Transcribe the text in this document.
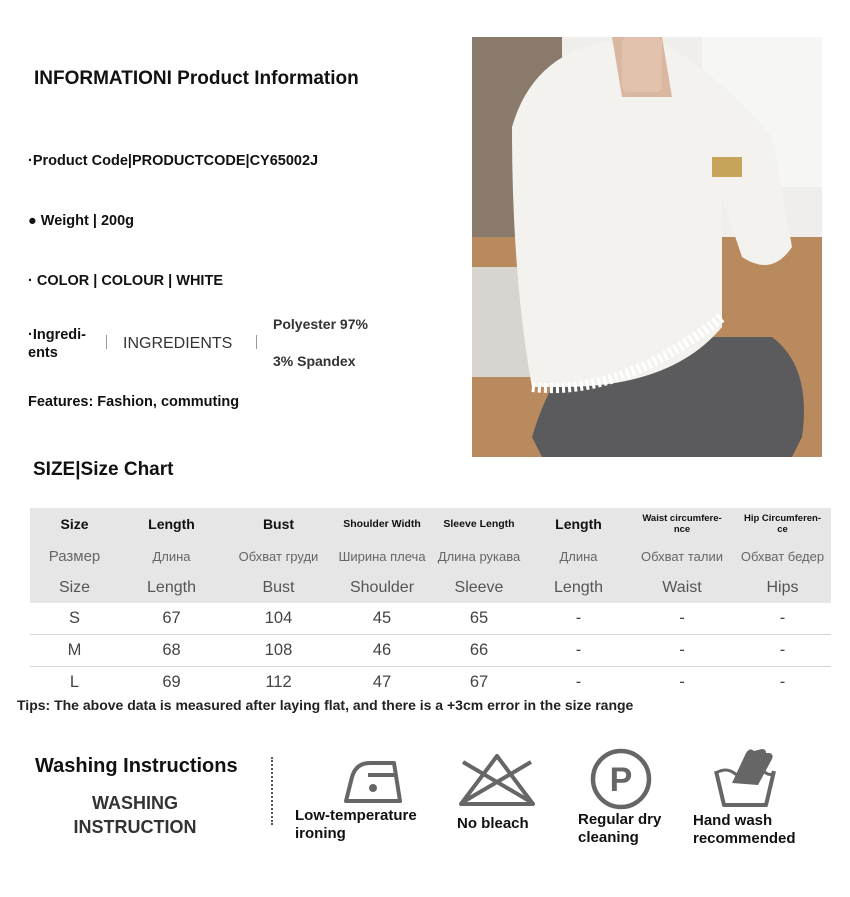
INFORMATIONI Product Information
·Product Code|PRODUCTCODE|CY65002J
● Weight | 200g
· COLOR | COLOUR | WHITE
·Ingredi-
ents
INGREDIENTS
Polyester 97%
3% Spandex
Features: Fashion, commuting
SIZE|Size Chart
Size	Length	Bust	Shoulder Width	Sleeve Length	Length	Waist circumfere-
nce	Hip Circumferen-
ce
Размер	Длина	Обхват груди	Ширина плеча	Длина рукава	Длина	Обхват талии	Обхват бедер
Size	Length	Bust	Shoulder	Sleeve	Length	Waist	Hips
S	67	104	45	65	-	-	-
M	68	108	46	66	-	-	-
L	69	112	47	67	-	-	-
Tips: The above data is measured after laying flat, and there is a +3cm error in the size range
Washing Instructions
WASHING
INSTRUCTION
Low-temperature
ironing
No bleach
P
Regular dry
cleaning
Hand wash
recommended
